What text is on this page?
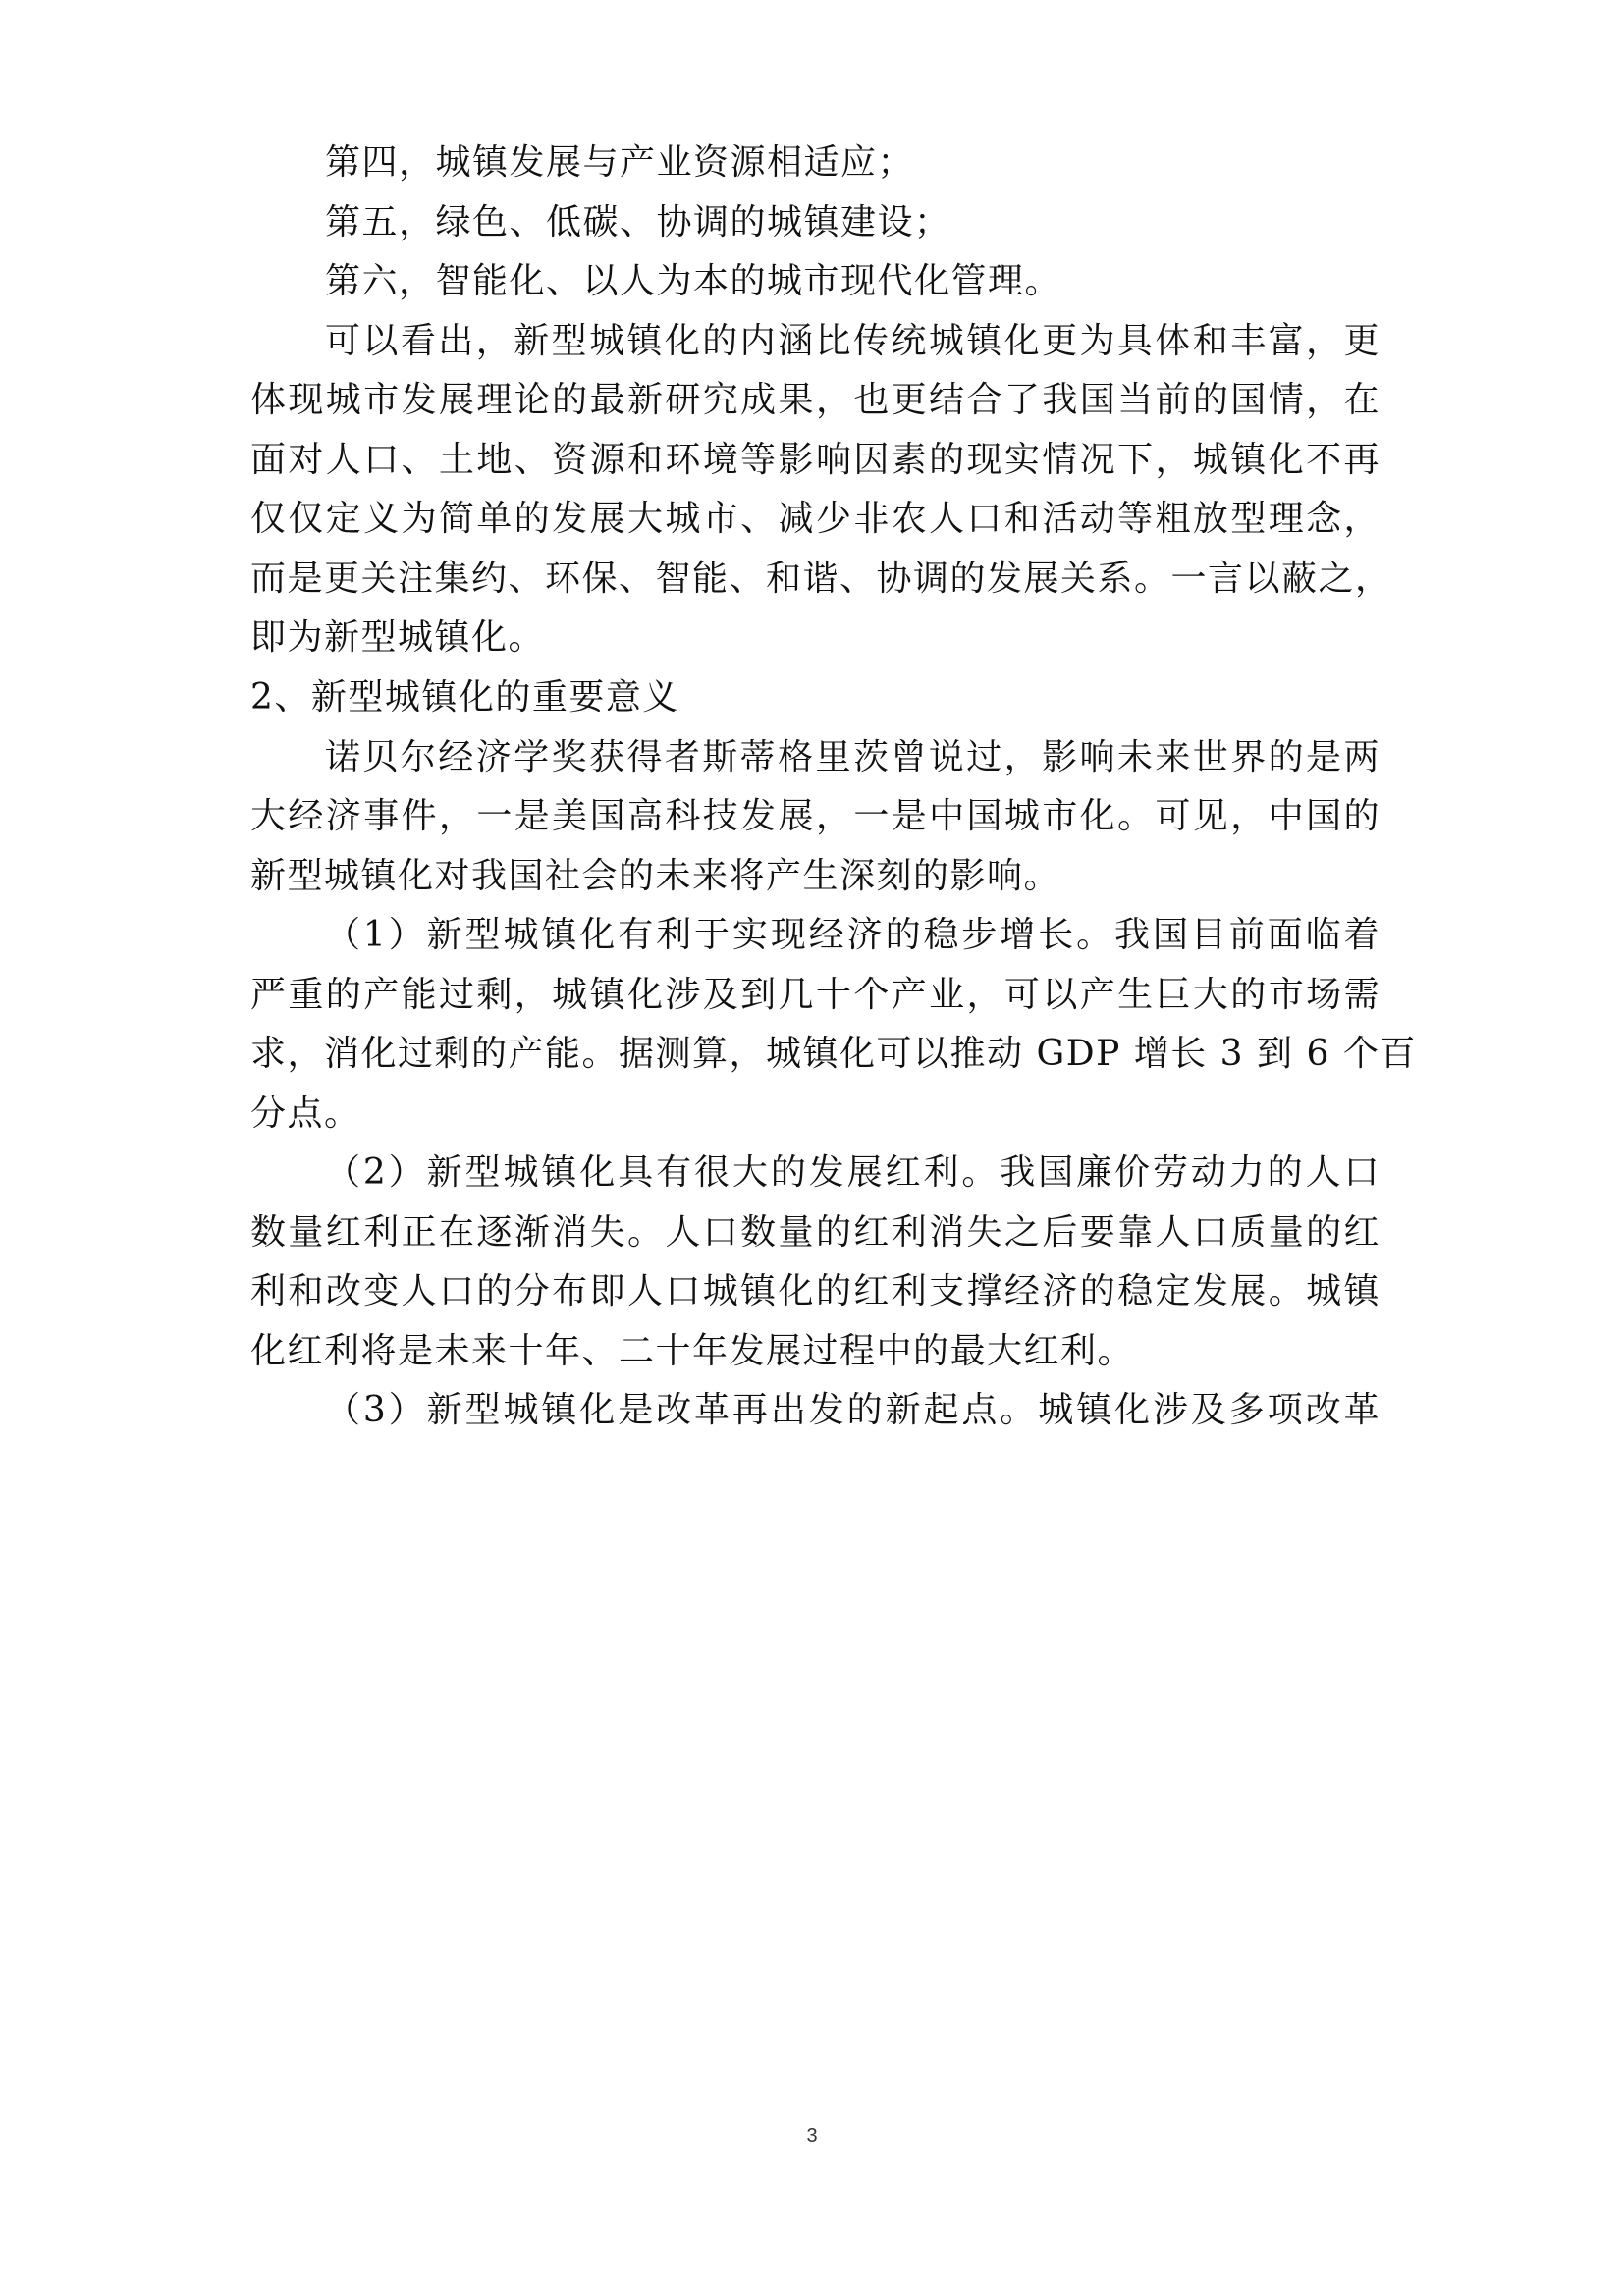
第四，城镇发展与产业资源相适应；
第五，绿色、低碳、协调的城镇建设；
第六，智能化、以人为本的城市现代化管理。
可以看出，新型城镇化的内涵比传统城镇化更为具体和丰富，更
体现城市发展理论的最新研究成果，也更结合了我国当前的国情，在
面对人口、土地、资源和环境等影响因素的现实情况下，城镇化不再
仅仅定义为简单的发展大城市、减少非农人口和活动等粗放型理念，
而是更关注集约、环保、智能、和谐、协调的发展关系。一言以蔽之，
即为新型城镇化。
2、新型城镇化的重要意义
诺贝尔经济学奖获得者斯蒂格里茨曾说过，影响未来世界的是两
大经济事件，一是美国高科技发展，一是中国城市化。可见，中国的
新型城镇化对我国社会的未来将产生深刻的影响。
（1）新型城镇化有利于实现经济的稳步增长。我国目前面临着
严重的产能过剩，城镇化涉及到几十个产业，可以产生巨大的市场需
求，消化过剩的产能。据测算，城镇化可以推动 GDP 增长 3 到 6 个百
分点。
（2）新型城镇化具有很大的发展红利。我国廉价劳动力的人口
数量红利正在逐渐消失。人口数量的红利消失之后要靠人口质量的红
利和改变人口的分布即人口城镇化的红利支撑经济的稳定发展。城镇
化红利将是未来十年、二十年发展过程中的最大红利。
（3）新型城镇化是改革再出发的新起点。城镇化涉及多项改革
3
